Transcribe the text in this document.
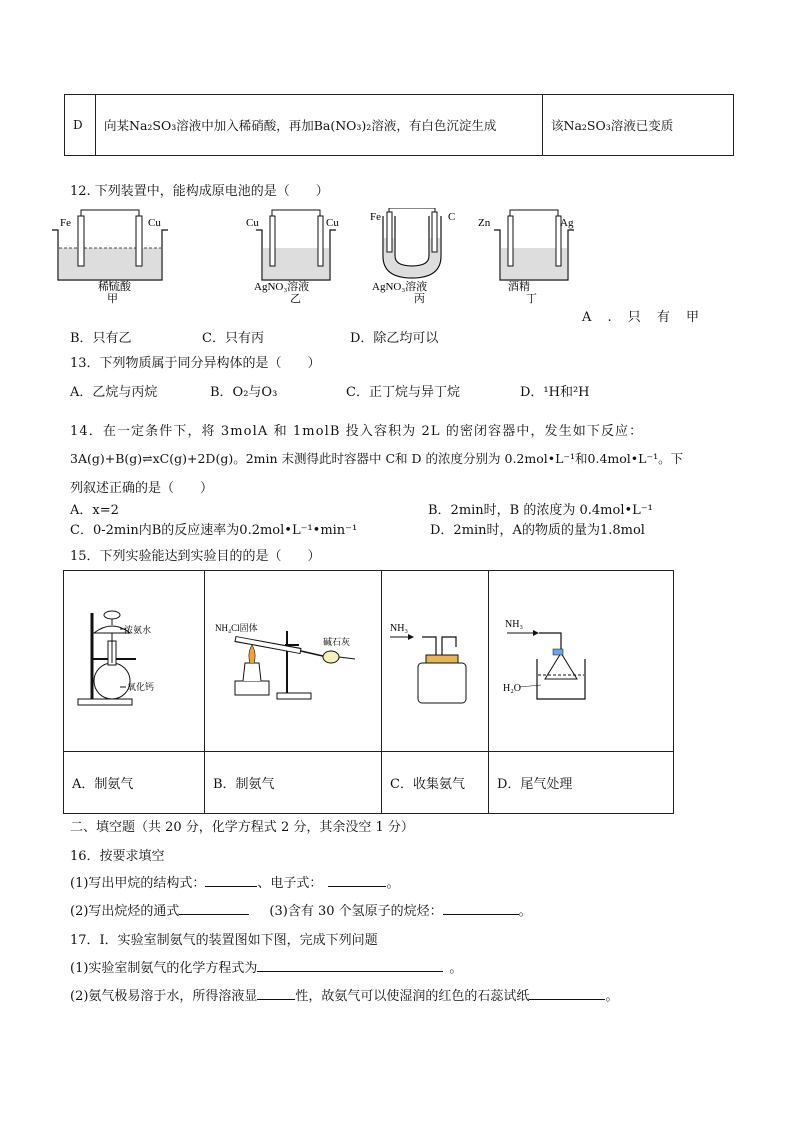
D	向某Na₂SO₃溶液中加入稀硝酸，再加Ba(NO₃)₂溶液，有白色沉淀生成	该Na₂SO₃溶液已变质
12. 下列装置中，能构成原电池的是（　　）
Fe	Cu
稀硫酸
甲
Cu	Cu
AgNO₃溶液
乙
Fe	C
AgNO₃溶液
丙
Zn	Ag
酒精
丁
A . 只 有 甲
B．只有乙	C．只有丙	D．除乙均可以
13．下列物质属于同分异构体的是（　　）
A．乙烷与丙烷	B．O₂与O₃	C．正丁烷与异丁烷	D．¹H和²H
14．在一定条件下，将 3molA 和 1molB 投入容积为 2L 的密闭容器中，发生如下反应：
3A(g)+B(g)⇌xC(g)+2D(g)。2min 末测得此时容器中 C和 D 的浓度分别为 0.2mol•L⁻¹和0.4mol•L⁻¹。下
列叙述正确的是（　　）
A．x=2	B．2min时，B 的浓度为 0.4mol•L⁻¹
C．0-2min内B的反应速率为0.2mol•L⁻¹•min⁻¹	D．2min时，A的物质的量为1.8mol
15．下列实验能达到实验目的的是（　　）
浓氨水
氧化钙	NH₄Cl固体
碱石灰	NH₃	NH₃
H₂O

A．制氨气	B．制氨气	C．收集氨气	D．尾气处理
二、填空题（共 20 分，化学方程式 2 分，其余没空 1 分）
16．按要求填空
(1)写出甲烷的结构式：	、电子式：	。
(2)写出烷烃的通式	(3)含有 30 个氢原子的烷烃：	。
17．I．实验室制氨气的装置图如下图，完成下列问题
(1)实验室制氨气的化学方程式为	。
(2)氨气极易溶于水，所得溶液显	性，故氨气可以使湿润的红色的石蕊试纸	。
